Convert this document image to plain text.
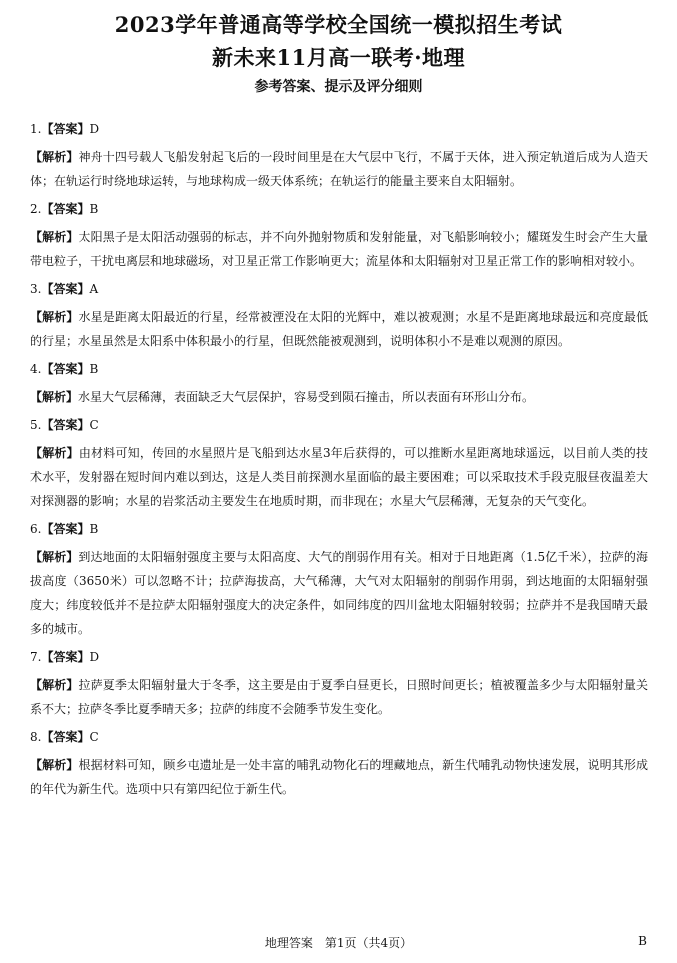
2023学年普通高等学校全国统一模拟招生考试
新未来11月高一联考·地理
参考答案、提示及评分细则
1.【答案】D
【解析】神舟十四号载人飞船发射起飞后的一段时间里是在大气层中飞行，不属于天体，进入预定轨道后成为人造天体；在轨运行时绕地球运转，与地球构成一级天体系统；在轨运行的能量主要来自太阳辐射。
2.【答案】B
【解析】太阳黑子是太阳活动强弱的标志，并不向外抛射物质和发射能量，对飞船影响较小；耀斑发生时会产生大量带电粒子，干扰电离层和地球磁场，对卫星正常工作影响更大；流星体和太阳辐射对卫星正常工作的影响相对较小。
3.【答案】A
【解析】水星是距离太阳最近的行星，经常被湮没在太阳的光辉中，难以被观测；水星不是距离地球最远和亮度最低的行星；水星虽然是太阳系中体积最小的行星，但既然能被观测到，说明体积小不是难以观测的原因。
4.【答案】B
【解析】水星大气层稀薄，表面缺乏大气层保护，容易受到陨石撞击，所以表面有环形山分布。
5.【答案】C
【解析】由材料可知，传回的水星照片是飞船到达水星3年后获得的，可以推断水星距离地球遥远，以目前人类的技术水平，发射器在短时间内难以到达，这是人类目前探测水星面临的最主要困难；可以采取技术手段克服昼夜温差大对探测器的影响；水星的岩浆活动主要发生在地质时期，而非现在；水星大气层稀薄，无复杂的天气变化。
6.【答案】B
【解析】到达地面的太阳辐射强度主要与太阳高度、大气的削弱作用有关。相对于日地距离（1.5亿千米），拉萨的海拔高度（3650米）可以忽略不计；拉萨海拔高，大气稀薄，大气对太阳辐射的削弱作用弱，到达地面的太阳辐射强度大；纬度较低并不是拉萨太阳辐射强度大的决定条件，如同纬度的四川盆地太阳辐射较弱；拉萨并不是我国晴天最多的城市。
7.【答案】D
【解析】拉萨夏季太阳辐射量大于冬季，这主要是由于夏季白昼更长，日照时间更长；植被覆盖多少与太阳辐射量关系不大；拉萨冬季比夏季晴天多；拉萨的纬度不会随季节发生变化。
8.【答案】C
【解析】根据材料可知，顾乡屯遗址是一处丰富的哺乳动物化石的埋藏地点，新生代哺乳动物快速发展，说明其形成的年代为新生代。选项中只有第四纪位于新生代。
地理答案　第1页（共4页）	B
